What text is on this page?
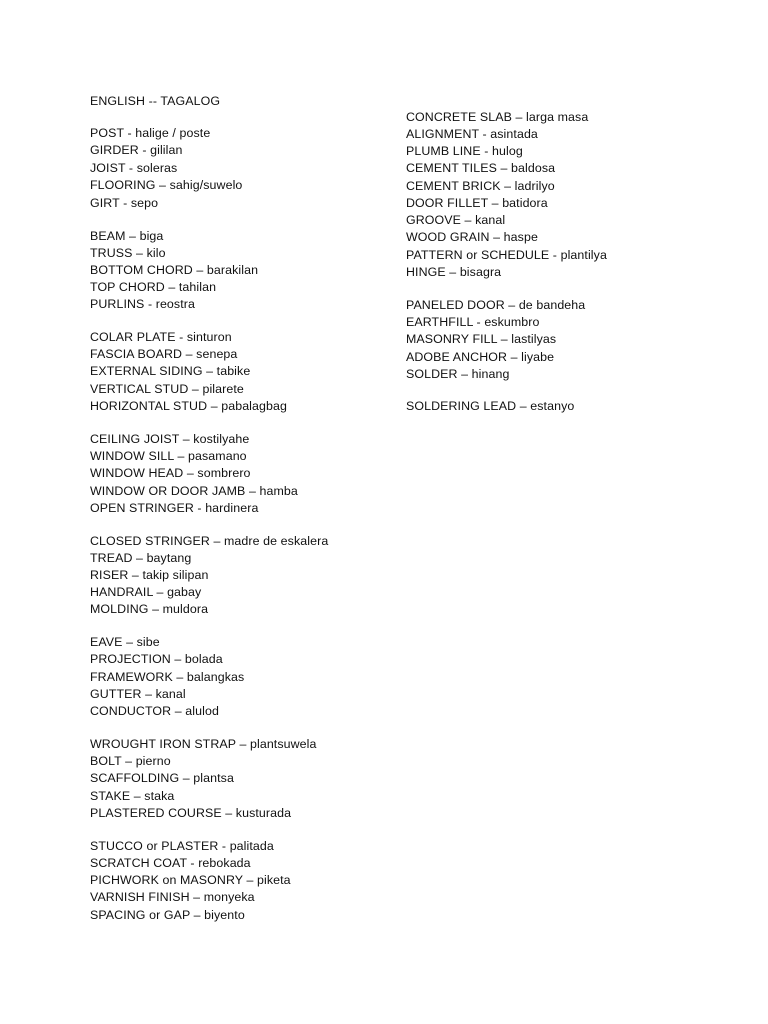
ENGLISH -- TAGALOG
POST - halige / poste
GIRDER - gililan
JOIST - soleras
FLOORING – sahig/suwelo
GIRT - sepo
BEAM – biga
TRUSS – kilo
BOTTOM CHORD – barakilan
TOP CHORD – tahilan
PURLINS - reostra
COLAR PLATE - sinturon
FASCIA BOARD – senepa
EXTERNAL SIDING – tabike
VERTICAL STUD – pilarete
HORIZONTAL STUD – pabalagbag
CEILING JOIST – kostilyahe
WINDOW SILL – pasamano
WINDOW HEAD – sombrero
WINDOW OR DOOR JAMB – hamba
OPEN STRINGER - hardinera
CLOSED STRINGER – madre de eskalera
TREAD – baytang
RISER – takip silipan
HANDRAIL – gabay
MOLDING – muldora
EAVE – sibe
PROJECTION – bolada
FRAMEWORK – balangkas
GUTTER – kanal
CONDUCTOR – alulod
WROUGHT IRON STRAP – plantsuwela
BOLT – pierno
SCAFFOLDING – plantsa
STAKE – staka
PLASTERED COURSE – kusturada
STUCCO or PLASTER - palitada
SCRATCH COAT - rebokada
PICHWORK on MASONRY – piketa
VARNISH FINISH – monyeka
SPACING or GAP – biyento
CONCRETE SLAB – larga masa
ALIGNMENT - asintada
PLUMB LINE - hulog
CEMENT TILES – baldosa
CEMENT BRICK – ladrilyo
DOOR FILLET – batidora
GROOVE – kanal
WOOD GRAIN – haspe
PATTERN or SCHEDULE - plantilya
HINGE – bisagra
PANELED DOOR – de bandeha
EARTHFILL - eskumbro
MASONRY FILL – lastilyas
ADOBE ANCHOR – liyabe
SOLDER – hinang
SOLDERING LEAD – estanyo
